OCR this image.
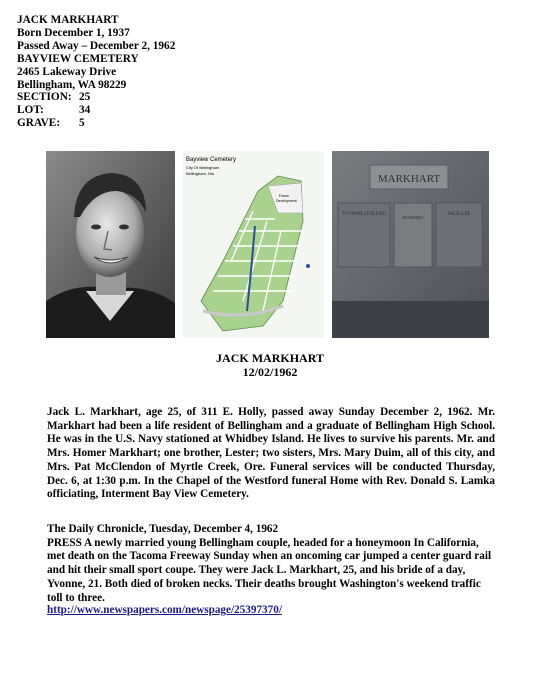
JACK MARKHART
Born December 1, 1937
Passed Away – December 2, 1962
BAYVIEW CEMETERY
2465 Lakeway Drive
Bellingham, WA 98229
SECTION: 25
LOT:	34
GRAVE: 5
Bayview Cemetery
City Of Bellingham
Bellingham, Wa
Future
Development
MARKHART
YVONNE (TOLLIN)
MARRIED
JACK LEE
JACK MARKHART
12/02/1962
Jack L. Markhart, age 25, of 311 E. Holly, passed away Sunday December 2, 1962. Mr. Markhart had been a life resident of Bellingham and a graduate of Bellingham High School. He was in the U.S. Navy stationed at Whidbey Island. He lives to survive his parents. Mr. and Mrs. Homer Markhart; one brother, Lester; two sisters, Mrs. Mary Duim, all of this city, and Mrs. Pat McClendon of Myrtle Creek, Ore. Funeral services will be conducted Thursday, Dec. 6, at 1:30 p.m. In the Chapel of the Westford funeral Home with Rev. Donald S. Lamka officiating, Interment Bay View Cemetery.
The Daily Chronicle, Tuesday, December 4, 1962
PRESS A newly married young Bellingham couple, headed for a honeymoon In California, met death on the Tacoma Freeway Sunday when an oncoming car jumped a center guard rail and hit their small sport coupe. They were Jack L. Markhart, 25, and his bride of a day, Yvonne, 21. Both died of broken necks. Their deaths brought Washington's weekend traffic toll to three.
http://www.newspapers.com/newspage/25397370/
